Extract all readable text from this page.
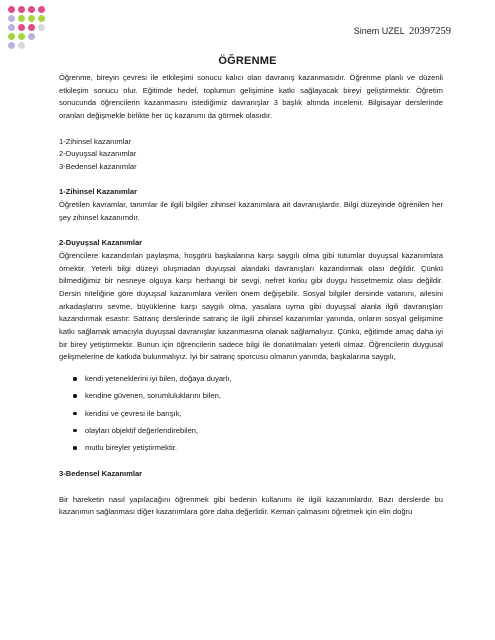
Sinem UZEL 20397259
ÖĞRENME

Öğrenme, bireyin çevresi ile etkileşimi sonucu kalıcı olan davranış kazanmasıdır. Öğrenme planlı ve düzenli etkileşim sonucu olur. Eğitimde hedef, toplumun gelişimine katkı sağlayacak bireyi geliştirmektir. Öğretim sonucunda öğrencilerin kazanmasını istediğimiz davranışlar 3 başlık altında incelenir. Bilgisayar derslerinde oranları değişmekle birlikte her üç kazanımı da görmek olasıdır.

1-Zihinsel kazanımlar

2-Duyuşsal kazanımlar

3-Bedensel kazanımlar

1-Zihinsel Kazanımlar

Öğretilen kavramlar, tanımlar ile ilgili bilgiler zihinsel kazanımlara ait davranışlardır. Bilgi düzeyinde öğrenilen her şey zihinsel kazanımdır.

2-Duyuşsal Kazanımlar

Öğrencilere kazandırılan paylaşma, hoşgörü başkalarına karşı saygılı olma gibi tutumlar duyuşsal kazanımlara örnektir. Yeterli bilgi düzeyi oluşmadan duyuşsal alandaki davranışları kazandırmak olası değildir. Çünkü bilmediğimiz bir nesneye olguya karşı herhangi bir sevgi, nefret korku gibi duygu hissetmemiz olası değildir. Dersin niteliğine göre duyuşsal kazanımlara verilen önem değişebilir. Sosyal bilgiler dersinde vatanını, ailesini arkadaşlarını sevme, büyüklerine karşı saygılı olma, yasalara uyma gibi duyuşsal alanla ilgili davranışları kazandırmak esastır. Satranç derslerinde satranç ile ilgili zihinsel kazanımlar yanında, onların sosyal gelişimine katkı sağlamak amacıyla duyuşsal davranışlar kazanmasına olanak sağlamalıyız. Çünkü, eğitimde amaç daha iyi bir birey yetiştirmektir. Bunun için öğrencilerin sadece bilgi ile donatılmaları yeterli olmaz. Öğrencilerin duygusal gelişmelerine de katkıda bulunmalıyız. İyi bir satranç sporcusu olmanın yanında, başkalarına saygılı,

kendi yeteneklerini iyi bilen, doğaya duyarlı,
kendine güvenen, sorumluluklarını bilen,
kendisi ve çevresi ile barışık,
olayları objektif değerlendirebilen,
mutlu bireyler yetiştirmektir.

3-Bedensel Kazanımlar

Bir hareketin nasıl yapılacağını öğrenmek gibi bedenin kullanımı ile ilgili kazanımlardır. Bazı derslerde bu kazanımın sağlanması diğer kazanımlara göre daha değerlidir. Keman çalmasını öğretmek için elin doğru
